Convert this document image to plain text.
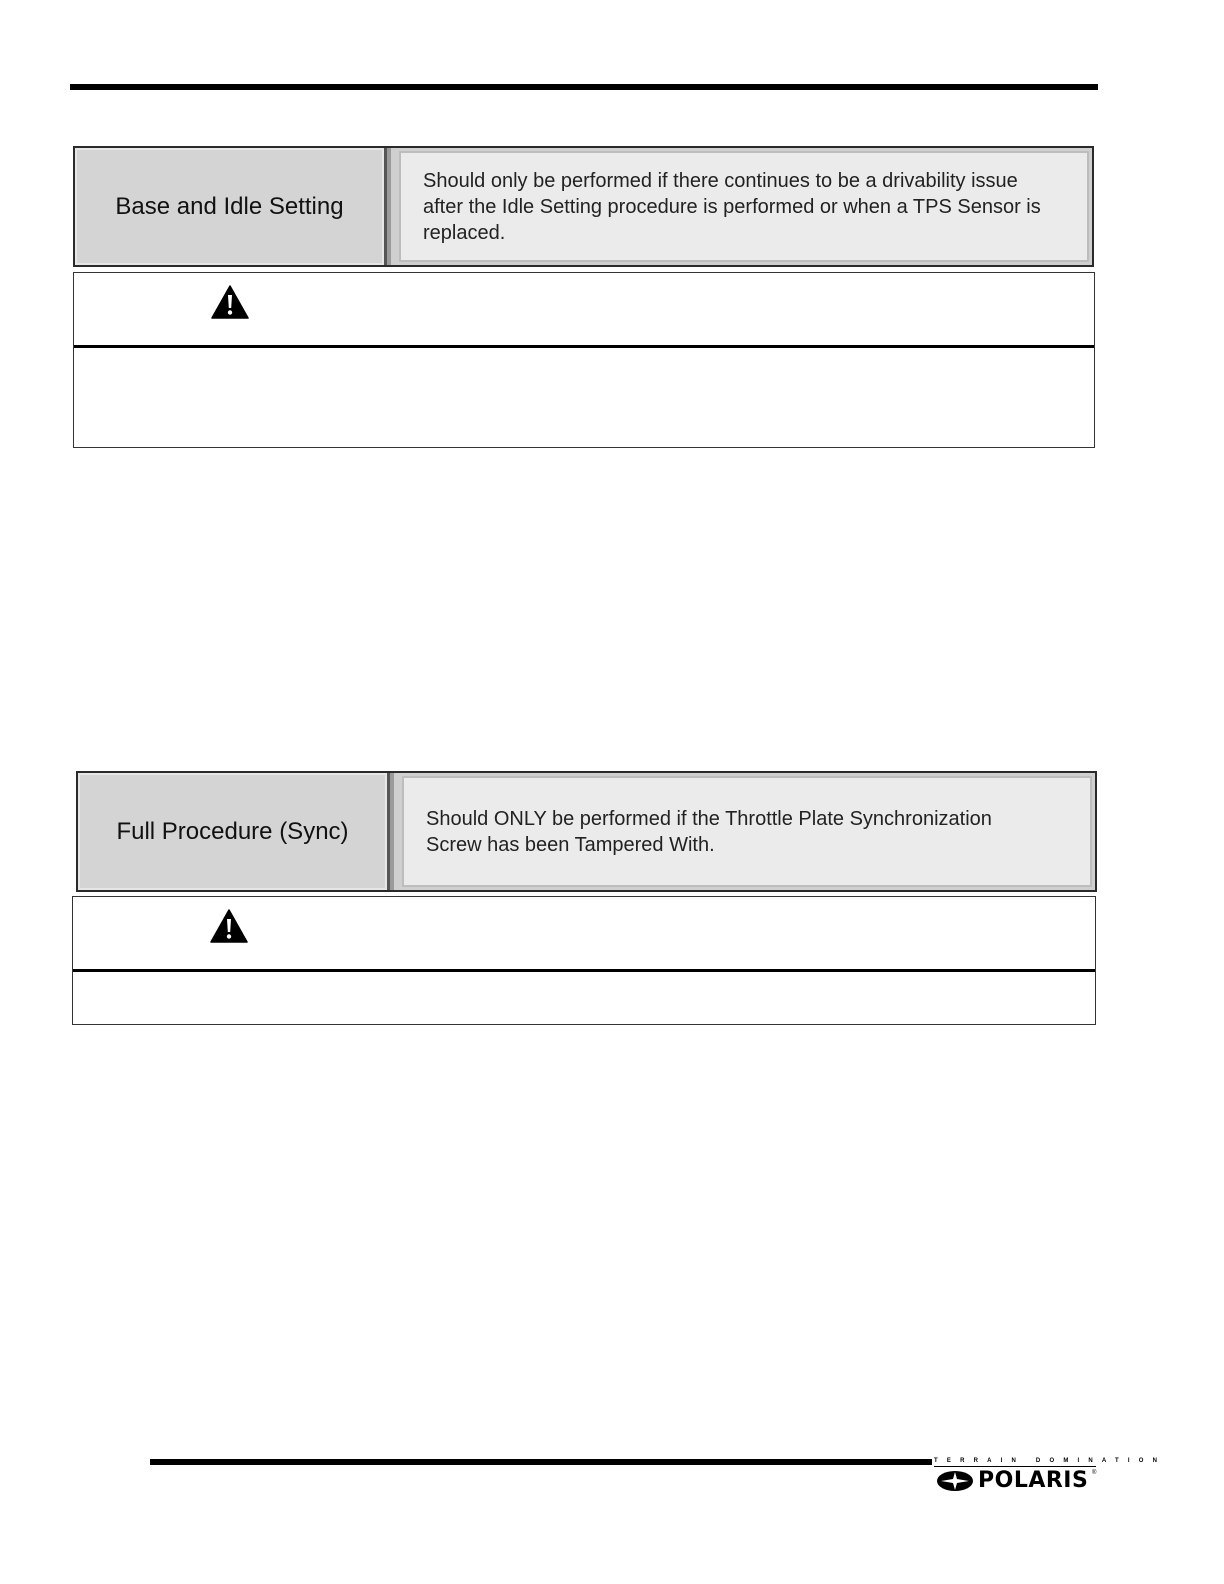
Base and Idle Setting
Should only be performed if there continues to be a drivability issue after the Idle Setting procedure is performed or when a TPS Sensor is replaced.
Full Procedure (Sync)	Should ONLY be performed if the Throttle Plate Synchronization Screw has been Tampered With.
TERRAIN DOMINATION
POLARIS ®
